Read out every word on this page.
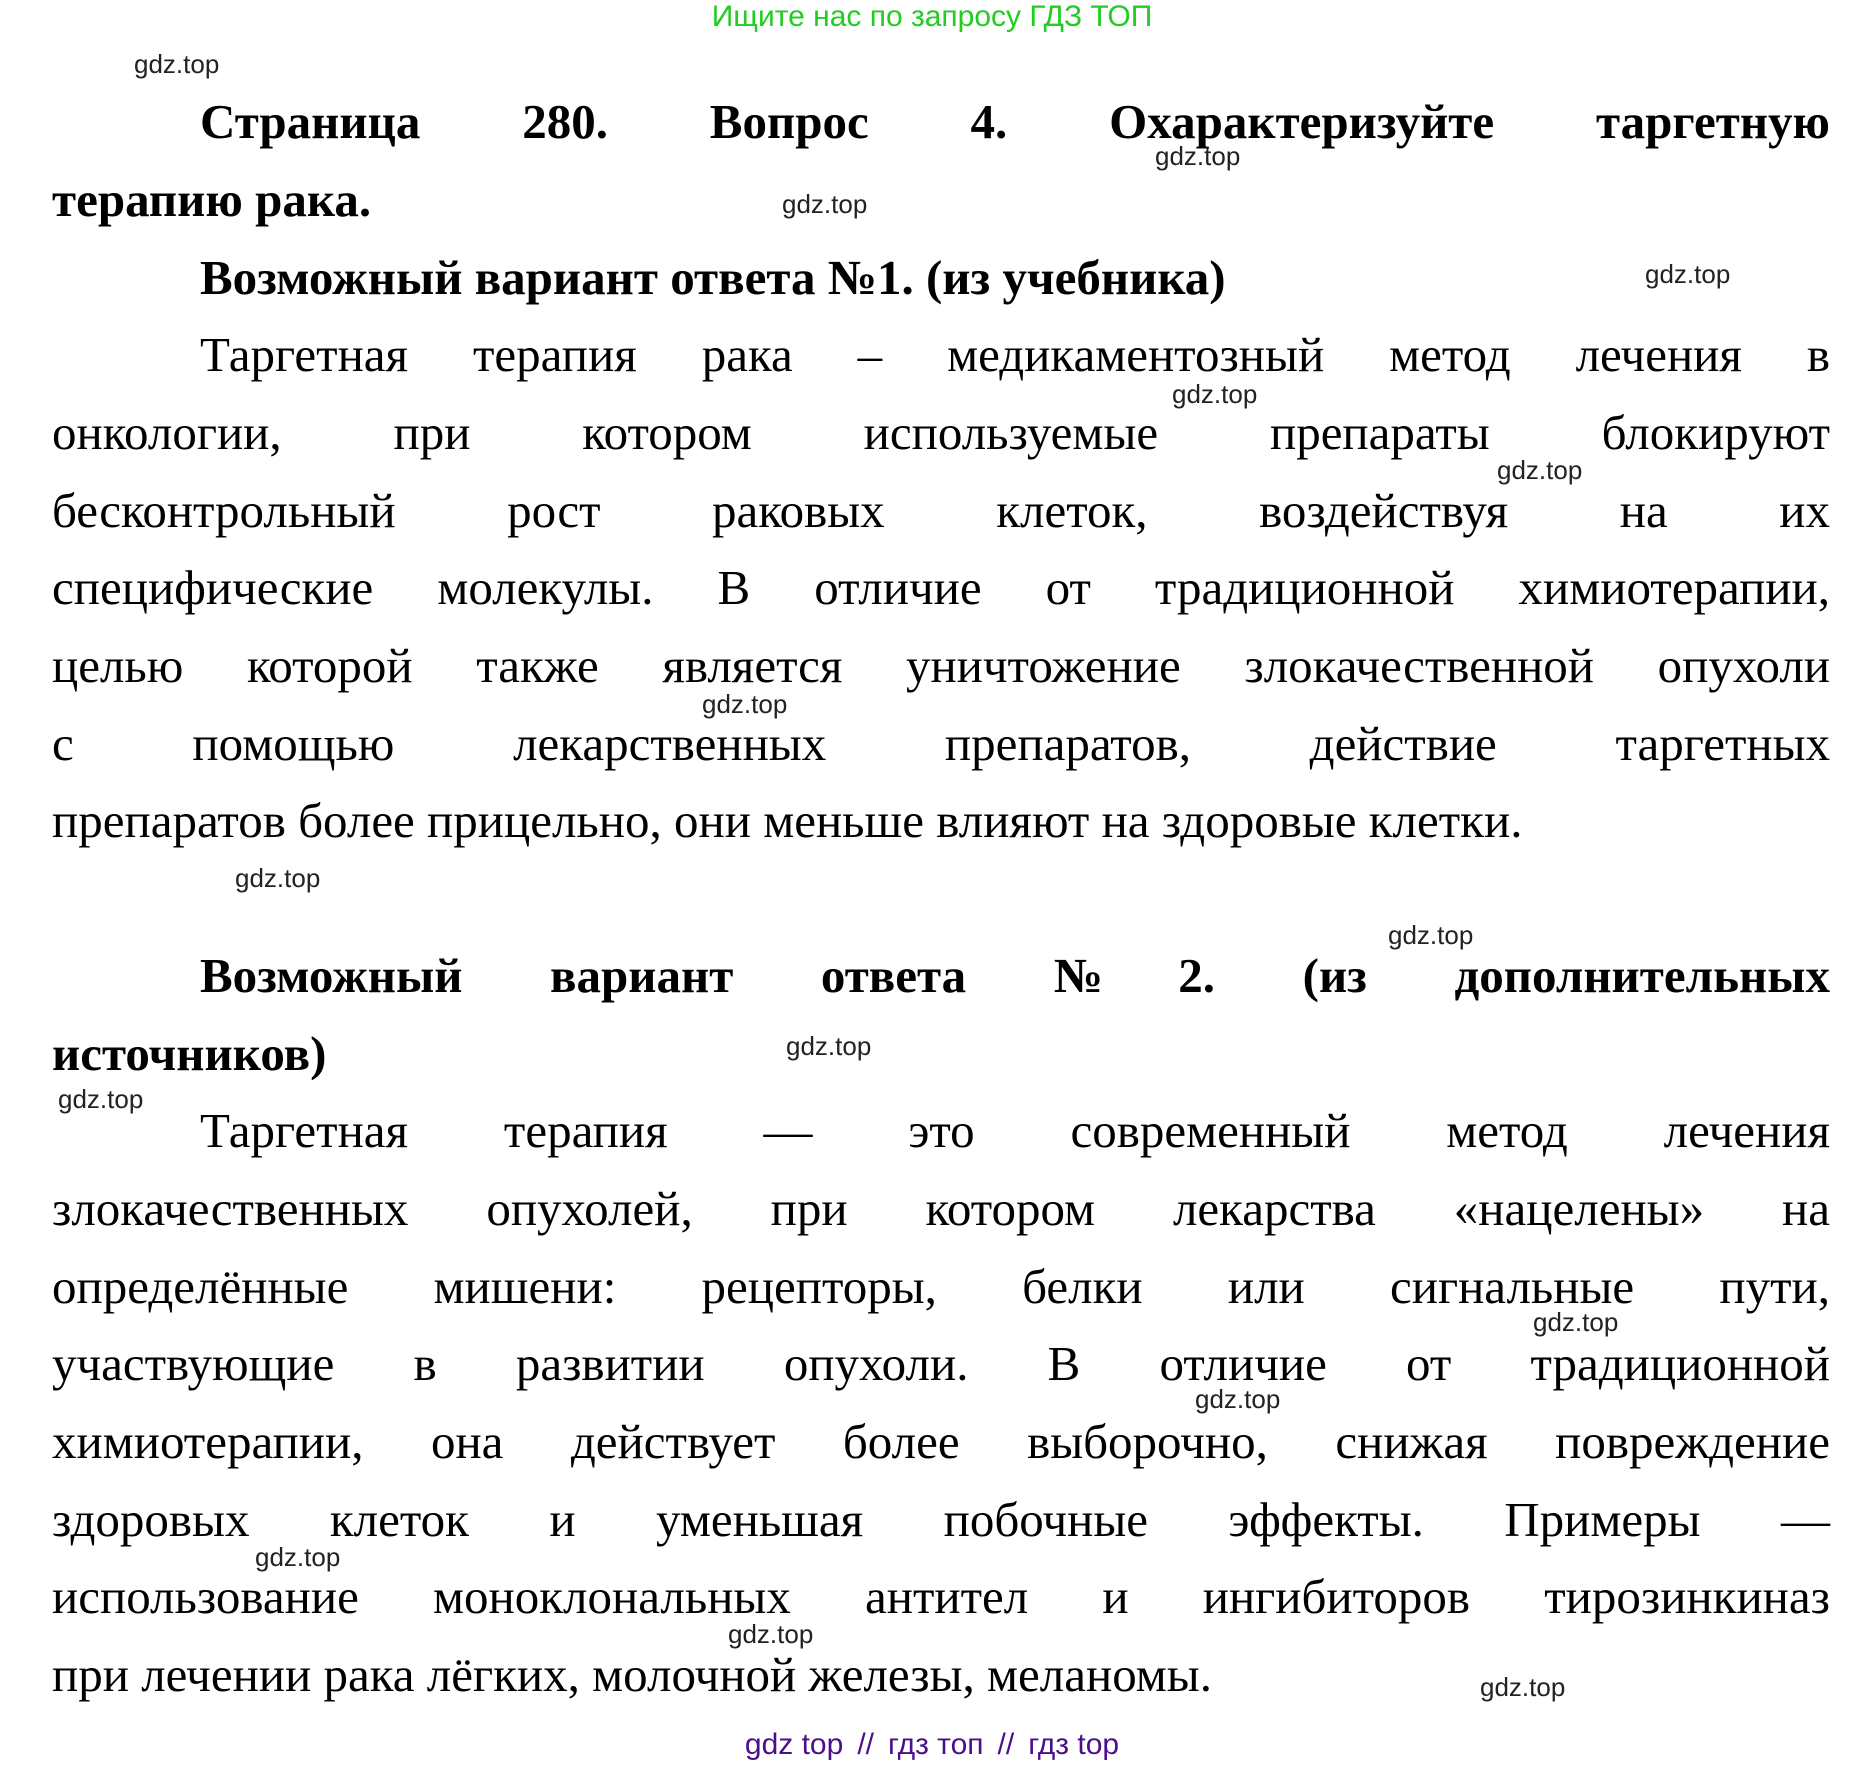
Ищите нас по запросу ГДЗ ТОП
gdz.top
gdz.top
gdz.top
gdz.top
gdz.top
gdz.top
gdz.top
gdz.top
gdz.top
gdz.top
gdz.top
gdz.top
gdz.top
gdz.top
gdz.top
gdz.top
Страница 280. Вопрос 4. Охарактеризуйте таргетную
терапию рака.
Возможный вариант ответа №1. (из учебника)
Таргетная терапия рака – медикаментозный метод лечения в
онкологии, при котором используемые препараты блокируют
бесконтрольный рост раковых клеток, воздействуя на их
специфические молекулы. В отличие от традиционной химиотерапии,
целью которой также является уничтожение злокачественной опухоли
с помощью лекарственных препаратов, действие таргетных
препаратов более прицельно, они меньше влияют на здоровые клетки.
Возможный вариант ответа №2. (из дополнительных
источников)
Таргетная терапия — это современный метод лечения
злокачественных опухолей, при котором лекарства «нацелены» на
определённые мишени: рецепторы, белки или сигнальные пути,
участвующие в развитии опухоли. В отличие от традиционной
химиотерапии, она действует более выборочно, снижая повреждение
здоровых клеток и уменьшая побочные эффекты. Примеры —
использование моноклональных антител и ингибиторов тирозинкиназ
при лечении рака лёгких, молочной железы, меланомы.
gdz top // гдз топ // гдз top
